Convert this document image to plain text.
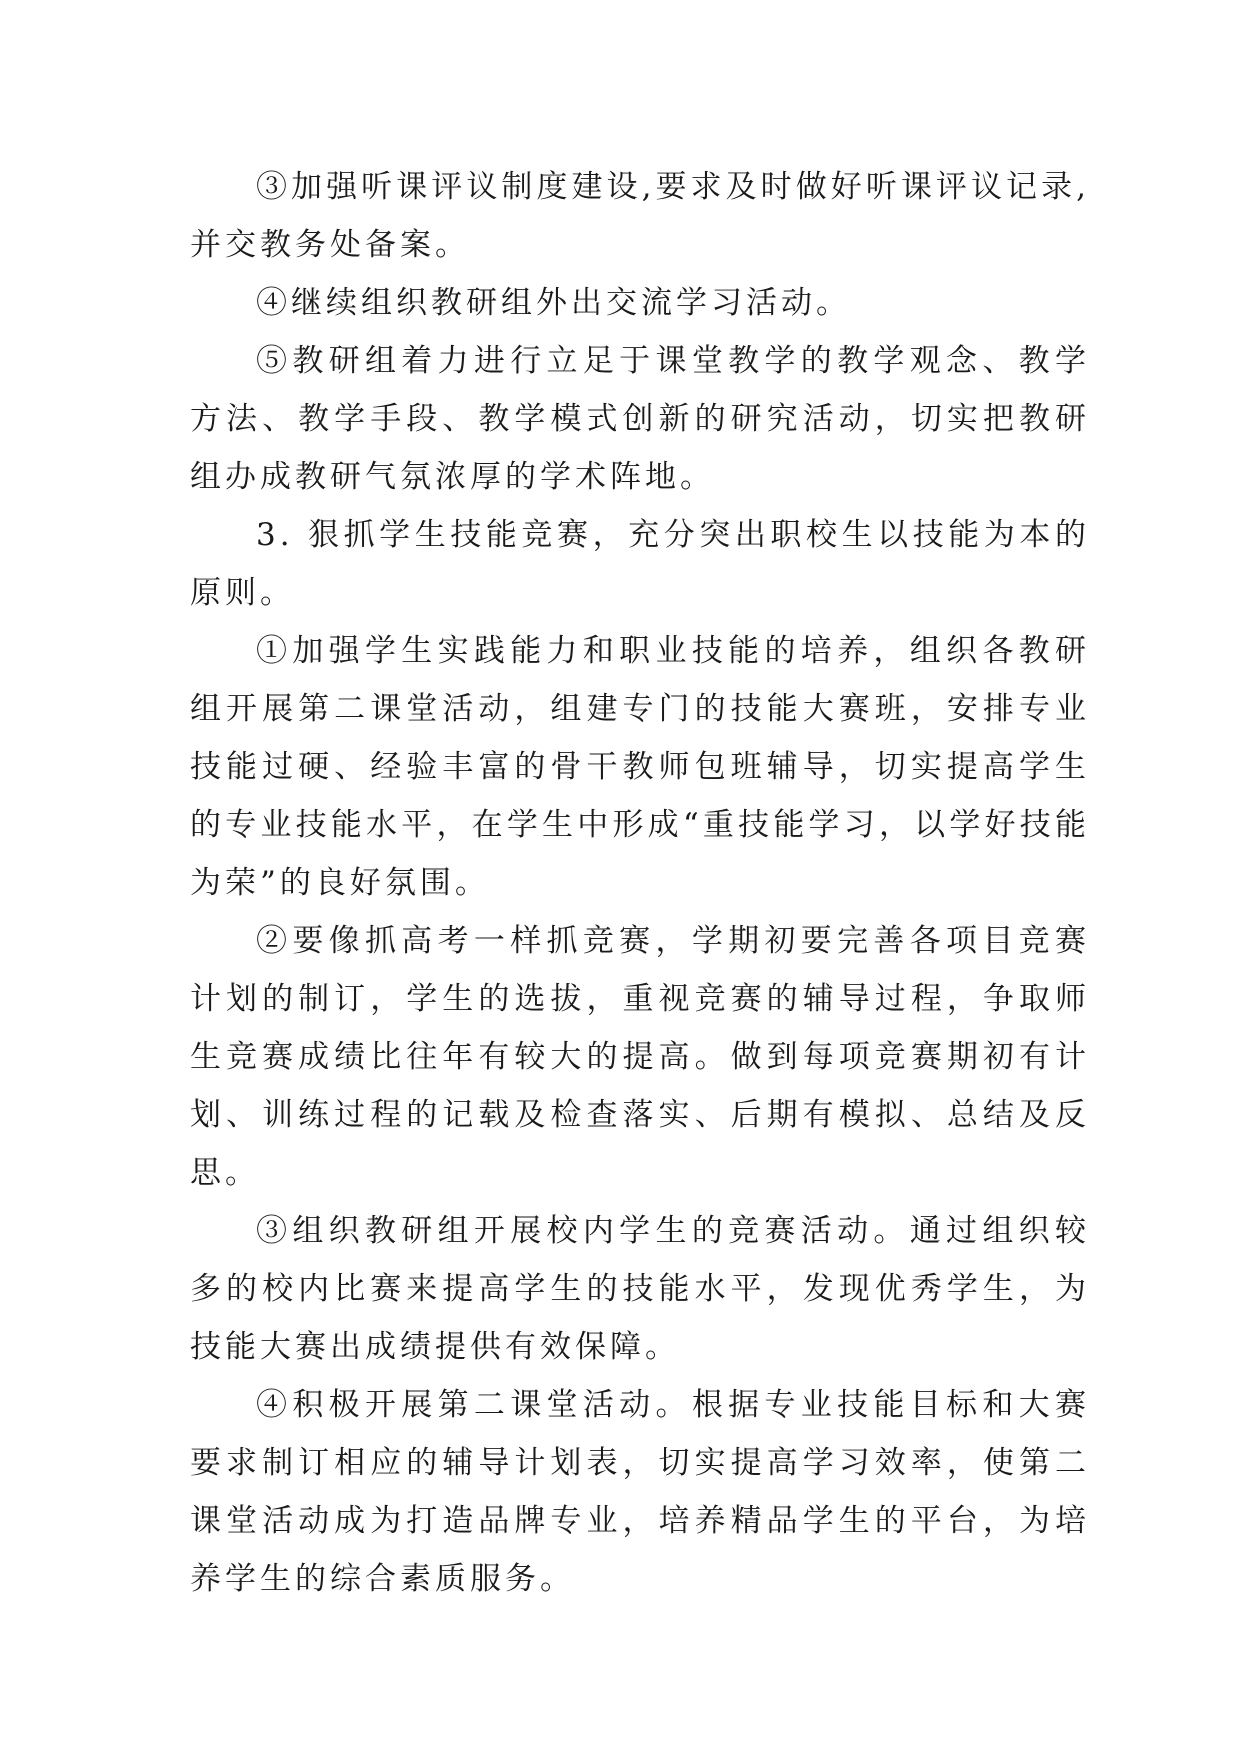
③加强听课评议制度建设,要求及时做好听课评议记录,并交教务处备案。

④继续组织教研组外出交流学习活动。

⑤教研组着力进行立足于课堂教学的教学观念、教学方法、教学手段、教学模式创新的研究活动，切实把教研组办成教研气氛浓厚的学术阵地。

3. 狠抓学生技能竞赛，充分突出职校生以技能为本的原则。

①加强学生实践能力和职业技能的培养，组织各教研组开展第二课堂活动，组建专门的技能大赛班，安排专业技能过硬、经验丰富的骨干教师包班辅导，切实提高学生的专业技能水平，在学生中形成“重技能学习，以学好技能为荣”的良好氛围。

②要像抓高考一样抓竞赛，学期初要完善各项目竞赛计划的制订，学生的选拔，重视竞赛的辅导过程，争取师生竞赛成绩比往年有较大的提高。做到每项竞赛期初有计划、训练过程的记载及检查落实、后期有模拟、总结及反思。

③组织教研组开展校内学生的竞赛活动。通过组织较多的校内比赛来提高学生的技能水平，发现优秀学生，为技能大赛出成绩提供有效保障。

④积极开展第二课堂活动。根据专业技能目标和大赛要求制订相应的辅导计划表，切实提高学习效率，使第二课堂活动成为打造品牌专业，培养精品学生的平台，为培养学生的综合素质服务。
